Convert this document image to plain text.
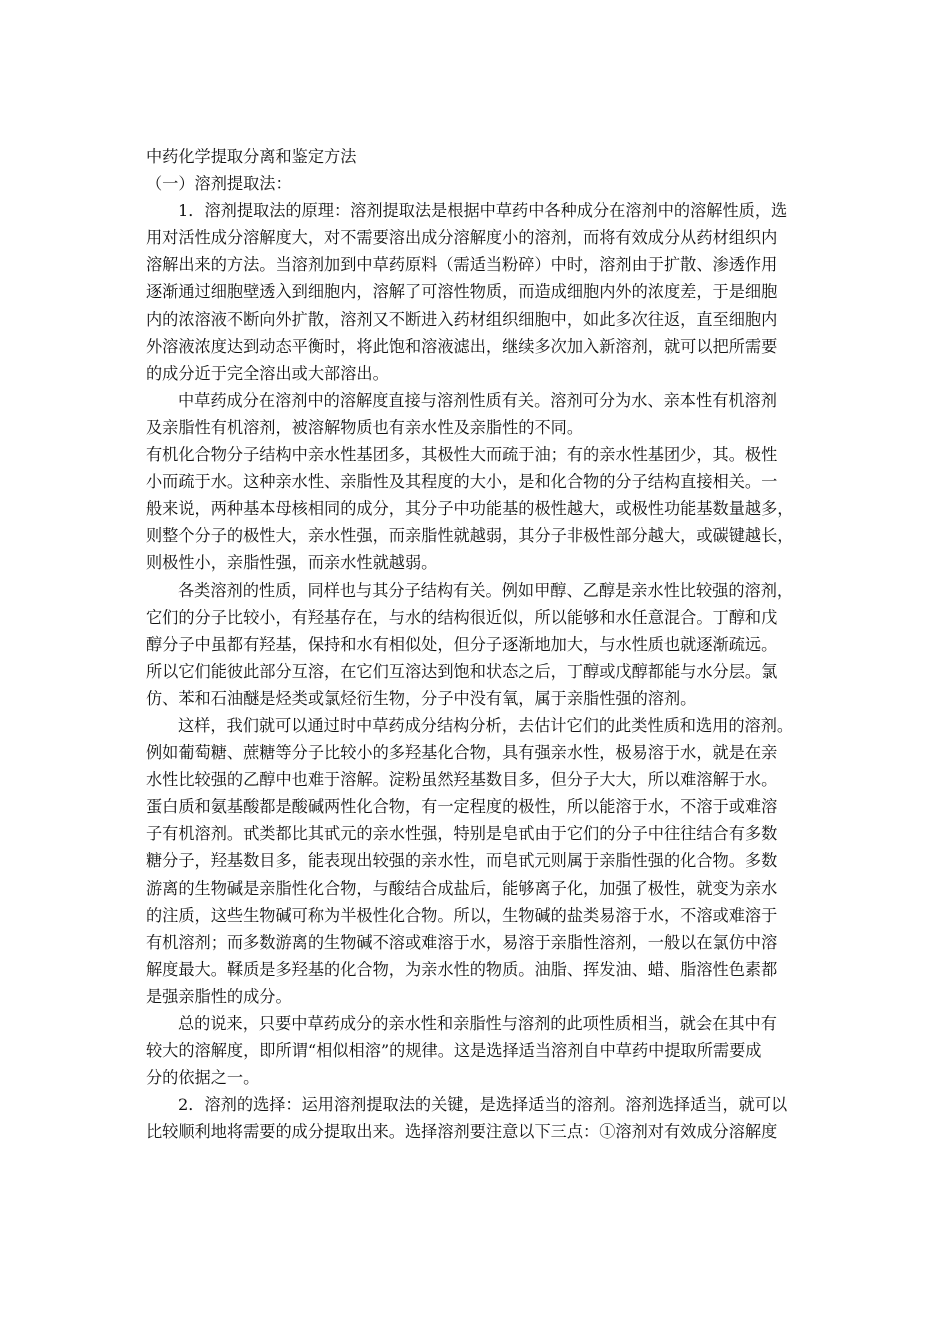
中药化学提取分离和鉴定方法
（一）溶剂提取法：
1．溶剂提取法的原理：溶剂提取法是根据中草药中各种成分在溶剂中的溶解性质，选
用对活性成分溶解度大，对不需要溶出成分溶解度小的溶剂，而将有效成分从药材组织内
溶解出来的方法。当溶剂加到中草药原料（需适当粉碎）中时，溶剂由于扩散、渗透作用
逐渐通过细胞壁透入到细胞内，溶解了可溶性物质，而造成细胞内外的浓度差，于是细胞
内的浓溶液不断向外扩散，溶剂又不断进入药材组织细胞中，如此多次往返，直至细胞内
外溶液浓度达到动态平衡时，将此饱和溶液滤出，继续多次加入新溶剂，就可以把所需要
的成分近于完全溶出或大部溶出。
中草药成分在溶剂中的溶解度直接与溶剂性质有关。溶剂可分为水、亲本性有机溶剂
及亲脂性有机溶剂，被溶解物质也有亲水性及亲脂性的不同。
有机化合物分子结构中亲水性基团多，其极性大而疏于油；有的亲水性基团少，其。极性
小而疏于水。这种亲水性、亲脂性及其程度的大小，是和化合物的分子结构直接相关。一
般来说，两种基本母核相同的成分，其分子中功能基的极性越大，或极性功能基数量越多，
则整个分子的极性大，亲水性强，而亲脂性就越弱，其分子非极性部分越大，或碳键越长，
则极性小，亲脂性强，而亲水性就越弱。
各类溶剂的性质，同样也与其分子结构有关。例如甲醇、乙醇是亲水性比较强的溶剂，
它们的分子比较小，有羟基存在，与水的结构很近似，所以能够和水任意混合。丁醇和戊
醇分子中虽都有羟基，保持和水有相似处，但分子逐渐地加大，与水性质也就逐渐疏远。
所以它们能彼此部分互溶，在它们互溶达到饱和状态之后，丁醇或戊醇都能与水分层。氯
仿、苯和石油醚是烃类或氯烃衍生物，分子中没有氧，属于亲脂性强的溶剂。
这样，我们就可以通过时中草药成分结构分析，去估计它们的此类性质和选用的溶剂。
例如葡萄糖、蔗糖等分子比较小的多羟基化合物，具有强亲水性，极易溶于水，就是在亲
水性比较强的乙醇中也难于溶解。淀粉虽然羟基数目多，但分子大大，所以难溶解于水。
蛋白质和氨基酸都是酸碱两性化合物，有一定程度的极性，所以能溶于水，不溶于或难溶
子有机溶剂。甙类都比其甙元的亲水性强，特别是皂甙由于它们的分子中往往结合有多数
糖分子，羟基数目多，能表现出较强的亲水性，而皂甙元则属于亲脂性强的化合物。多数
游离的生物碱是亲脂性化合物，与酸结合成盐后，能够离子化，加强了极性，就变为亲水
的注质，这些生物碱可称为半极性化合物。所以，生物碱的盐类易溶于水，不溶或难溶于
有机溶剂；而多数游离的生物碱不溶或难溶于水，易溶于亲脂性溶剂，一般以在氯仿中溶
解度最大。鞣质是多羟基的化合物，为亲水性的物质。油脂、挥发油、蜡、脂溶性色素都
是强亲脂性的成分。
总的说来，只要中草药成分的亲水性和亲脂性与溶剂的此项性质相当，就会在其中有
较大的溶解度，即所谓“相似相溶”的规律。这是选择适当溶剂自中草药中提取所需要成
分的依据之一。
2．溶剂的选择：运用溶剂提取法的关键，是选择适当的溶剂。溶剂选择适当，就可以
比较顺利地将需要的成分提取出来。选择溶剂要注意以下三点：①溶剂对有效成分溶解度
